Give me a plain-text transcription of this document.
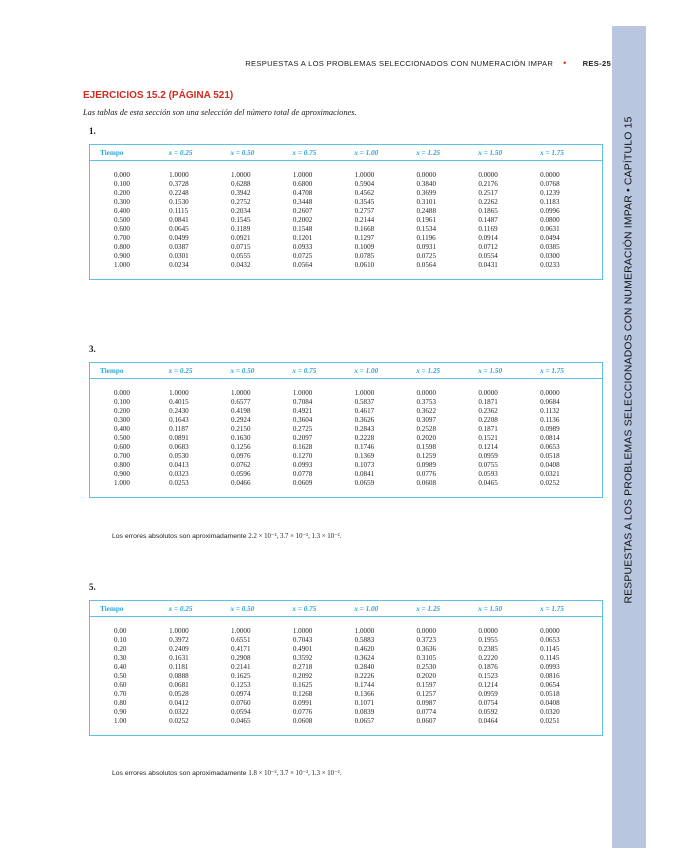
RESPUESTAS A LOS PROBLEMAS SELECCIONADOS CON NUMERACIÓN IMPAR • CAPÍTULO 15
RESPUESTAS A LOS PROBLEMAS SELECCIONADOS CON NUMERACIÓN IMPAR • RES-25
EJERCICIOS 15.2 (PÁGINA 521)
Las tablas de esta sección son una selección del número total de aproximaciones.
1.
Tiempo	x = 0.25	x = 0.50	x = 0.75	x = 1.00	x = 1.25	x = 1.50	x = 1.75
0.000	1.0000	1.0000	1.0000	1.0000	0.0000	0.0000	0.0000
0.100	0.3728	0.6288	0.6800	0.5904	0.3840	0.2176	0.0768
0.200	0.2248	0.3942	0.4708	0.4562	0.3699	0.2517	0.1239
0.300	0.1530	0.2752	0.3448	0.3545	0.3101	0.2262	0.1183
0.400	0.1115	0.2034	0.2607	0.2757	0.2488	0.1865	0.0996
0.500	0.0841	0.1545	0.2002	0.2144	0.1961	0.1487	0.0800
0.600	0.0645	0.1189	0.1548	0.1668	0.1534	0.1169	0.0631
0.700	0.0499	0.0921	0.1201	0.1297	0.1196	0.0914	0.0494
0.800	0.0387	0.0715	0.0933	0.1009	0.0931	0.0712	0.0385
0.900	0.0301	0.0555	0.0725	0.0785	0.0725	0.0554	0.0300
1.000	0.0234	0.0432	0.0564	0.0610	0.0564	0.0431	0.0233
3.
Tiempo	x = 0.25	x = 0.50	x = 0.75	x = 1.00	x = 1.25	x = 1.50	x = 1.75
0.000	1.0000	1.0000	1.0000	1.0000	0.0000	0.0000	0.0000
0.100	0.4015	0.6577	0.7084	0.5837	0.3753	0.1871	0.0684
0.200	0.2430	0.4198	0.4921	0.4617	0.3622	0.2362	0.1132
0.300	0.1643	0.2924	0.3604	0.3626	0.3097	0.2208	0.1136
0.400	0.1187	0.2150	0.2725	0.2843	0.2528	0.1871	0.0989
0.500	0.0891	0.1630	0.2097	0.2228	0.2020	0.1521	0.0814
0.600	0.0683	0.1256	0.1628	0.1746	0.1598	0.1214	0.0653
0.700	0.0530	0.0976	0.1270	0.1369	0.1259	0.0959	0.0518
0.800	0.0413	0.0762	0.0993	0.1073	0.0989	0.0755	0.0408
0.900	0.0323	0.0596	0.0778	0.0841	0.0776	0.0593	0.0321
1.000	0.0253	0.0466	0.0609	0.0659	0.0608	0.0465	0.0252
Los errores absolutos son aproximadamente 2.2 × 10⁻², 3.7 × 10⁻², 1.3 × 10⁻².
5.
Tiempo	x = 0.25	x = 0.50	x = 0.75	x = 1.00	x = 1.25	x = 1.50	x = 1.75
0.00	1.0000	1.0000	1.0000	1.0000	0.0000	0.0000	0.0000
0.10	0.3972	0.6551	0.7043	0.5883	0.3723	0.1955	0.0653
0.20	0.2409	0.4171	0.4901	0.4620	0.3636	0.2385	0.1145
0.30	0.1631	0.2908	0.3592	0.3624	0.3105	0.2220	0.1145
0.40	0.1181	0.2141	0.2718	0.2840	0.2530	0.1876	0.0993
0.50	0.0888	0.1625	0.2092	0.2226	0.2020	0.1523	0.0816
0.60	0.0681	0.1253	0.1625	0.1744	0.1597	0.1214	0.0654
0.70	0.0528	0.0974	0.1268	0.1366	0.1257	0.0959	0.0518
0.80	0.0412	0.0760	0.0991	0.1071	0.0987	0.0754	0.0408
0.90	0.0322	0.0594	0.0776	0.0839	0.0774	0.0592	0.0320
1.00	0.0252	0.0465	0.0608	0.0657	0.0607	0.0464	0.0251
Los errores absolutos son aproximadamente 1.8 × 10⁻², 3.7 × 10⁻², 1.3 × 10⁻².
